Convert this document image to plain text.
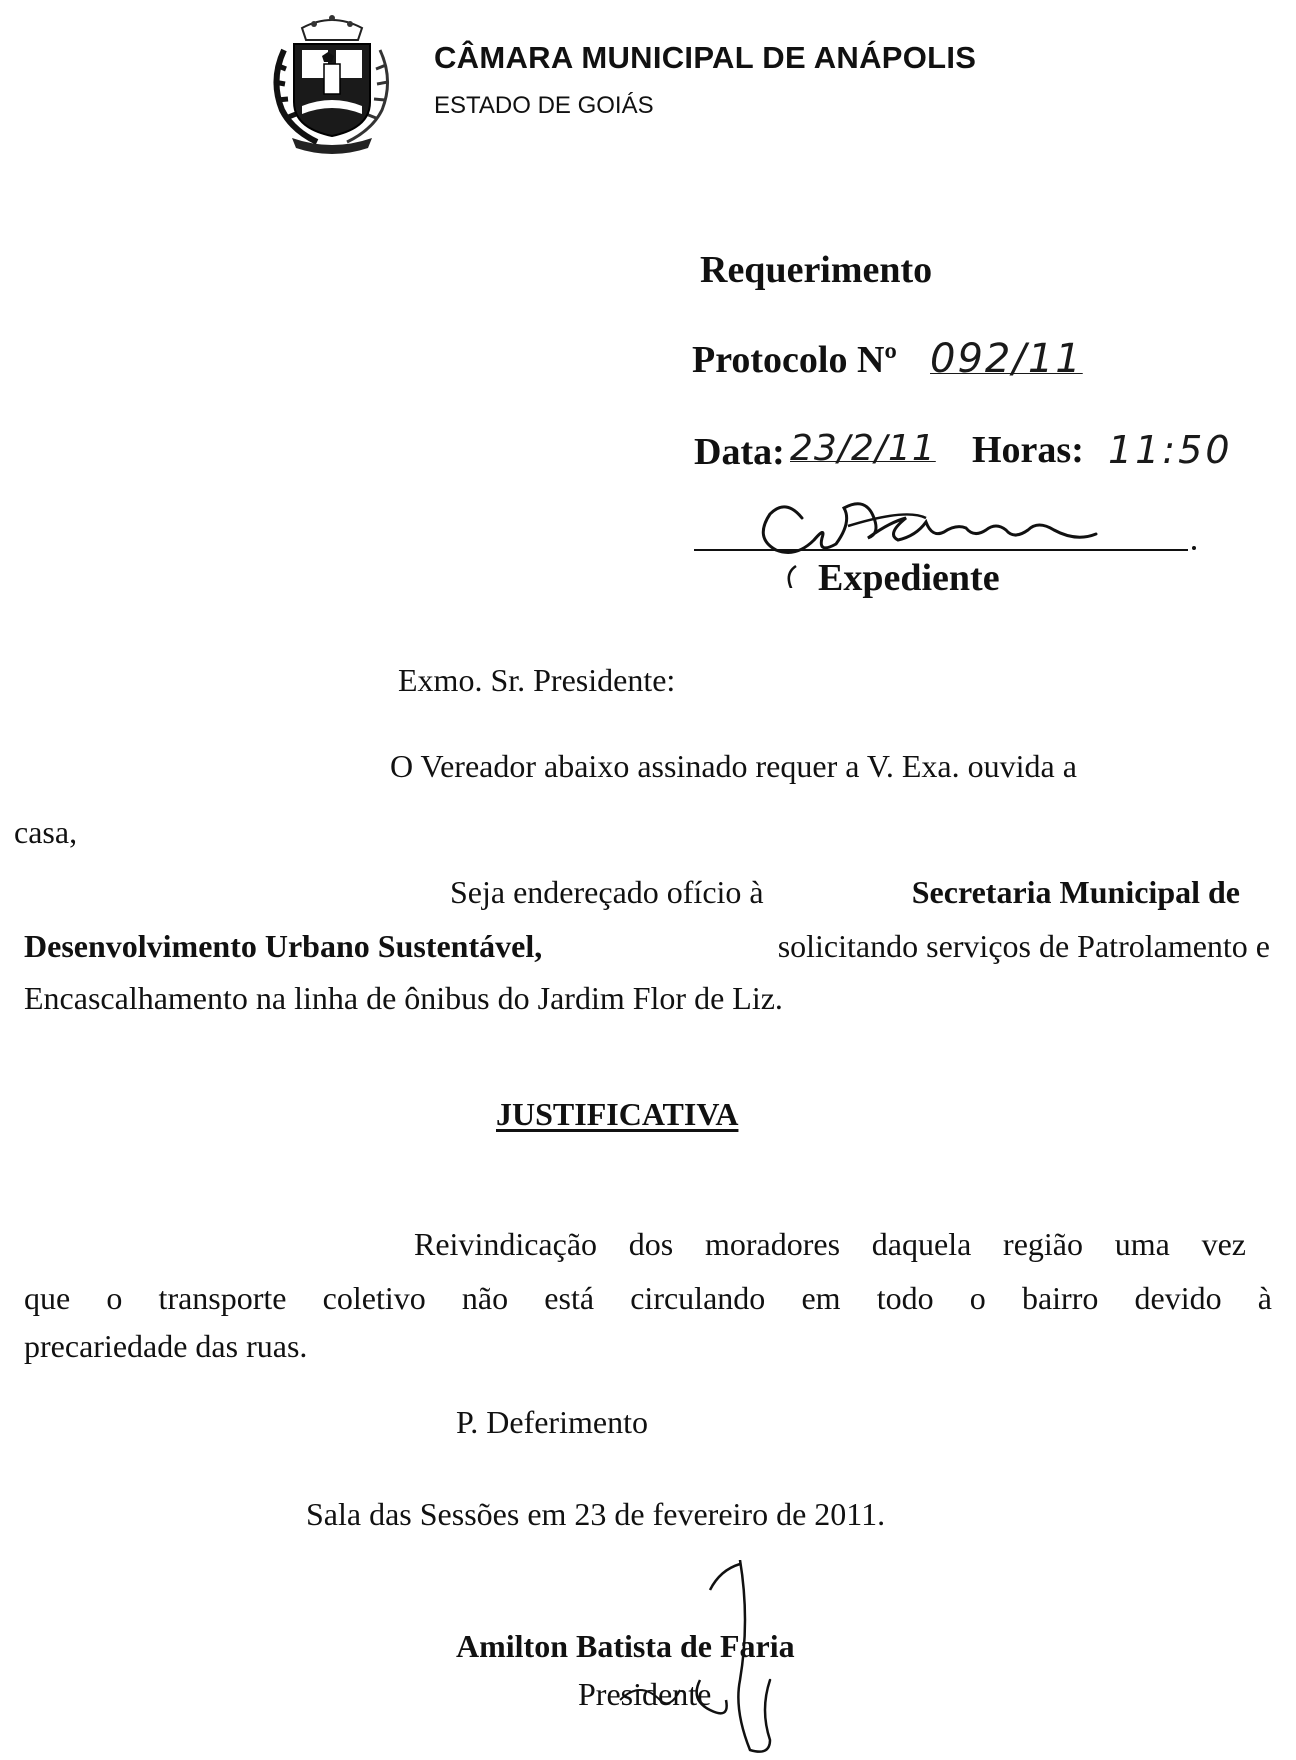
CÂMARA MUNICIPAL DE ANÁPOLIS
ESTADO DE GOIÁS
Requerimento
Protocolo Nº 092/11
Data: 23/2/11 Horas: 11:50
Expediente
Exmo. Sr. Presidente:
O Vereador abaixo assinado requer a V. Exa. ouvida a
casa,
Seja endereçado ofício à	Secretaria Municipal de
Desenvolvimento Urbano Sustentável,	solicitando serviços de Patrolamento e
Encascalhamento na linha de ônibus do Jardim Flor de Liz.
JUSTIFICATIVA
Reivindicação dos moradores daquela região uma vez
que o transporte coletivo não está circulando em todo o bairro devido à
precariedade das ruas.
P. Deferimento
Sala das Sessões em 23 de fevereiro de 2011.
Amilton Batista de Faria
Presidente
